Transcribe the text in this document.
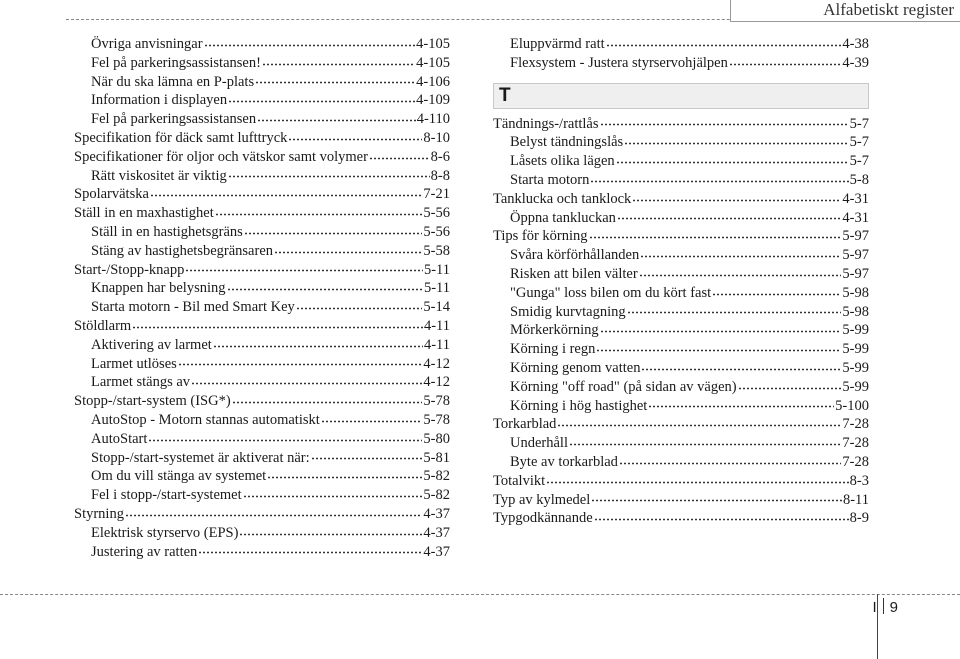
Alfabetiskt register
Övriga anvisningar	4-105
Fel på parkeringsassistansen!	4-105
När du ska lämna en P-plats	4-106
Information i displayen	4-109
Fel på parkeringsassistansen	4-110
Specifikation för däck samt lufttryck	8-10
Specifikationer för oljor och vätskor samt volymer	8-6
Rätt viskositet är viktig	8-8
Spolarvätska	7-21
Ställ in en maxhastighet	5-56
Ställ in en hastighetsgräns	5-56
Stäng av hastighetsbegränsaren	5-58
Start-/Stopp-knapp	5-11
Knappen har belysning	5-11
Starta motorn - Bil med Smart Key	5-14
Stöldlarm	4-11
Aktivering av larmet	4-11
Larmet utlöses	4-12
Larmet stängs av	4-12
Stopp-/start-system (ISG*)	5-78
AutoStop - Motorn stannas automatiskt	5-78
AutoStart	5-80
Stopp-/start-systemet är aktiverat när:	5-81
Om du vill stänga av systemet	5-82
Fel i stopp-/start-systemet	5-82
Styrning	4-37
Elektrisk styrservo (EPS)	4-37
Justering av ratten	4-37
Eluppvärmd ratt	4-38
Flexsystem - Justera styrservohjälpen	4-39
T
Tändnings-/rattlås	5-7
Belyst tändningslås	5-7
Låsets olika lägen	5-7
Starta motorn	5-8
Tanklucka och tanklock	4-31
Öppna tankluckan	4-31
Tips för körning	5-97
Svåra körförhållanden	5-97
Risken att bilen välter	5-97
"Gunga" loss bilen om du kört fast	5-98
Smidig kurvtagning	5-98
Mörkerkörning	5-99
Körning i regn	5-99
Körning genom vatten	5-99
Körning "off road" (på sidan av vägen)	5-99
Körning i hög hastighet	5-100
Torkarblad	7-28
Underhåll	7-28
Byte av torkarblad	7-28
Totalvikt	8-3
Typ av kylmedel	8-11
Typgodkännande	8-9
I 9
